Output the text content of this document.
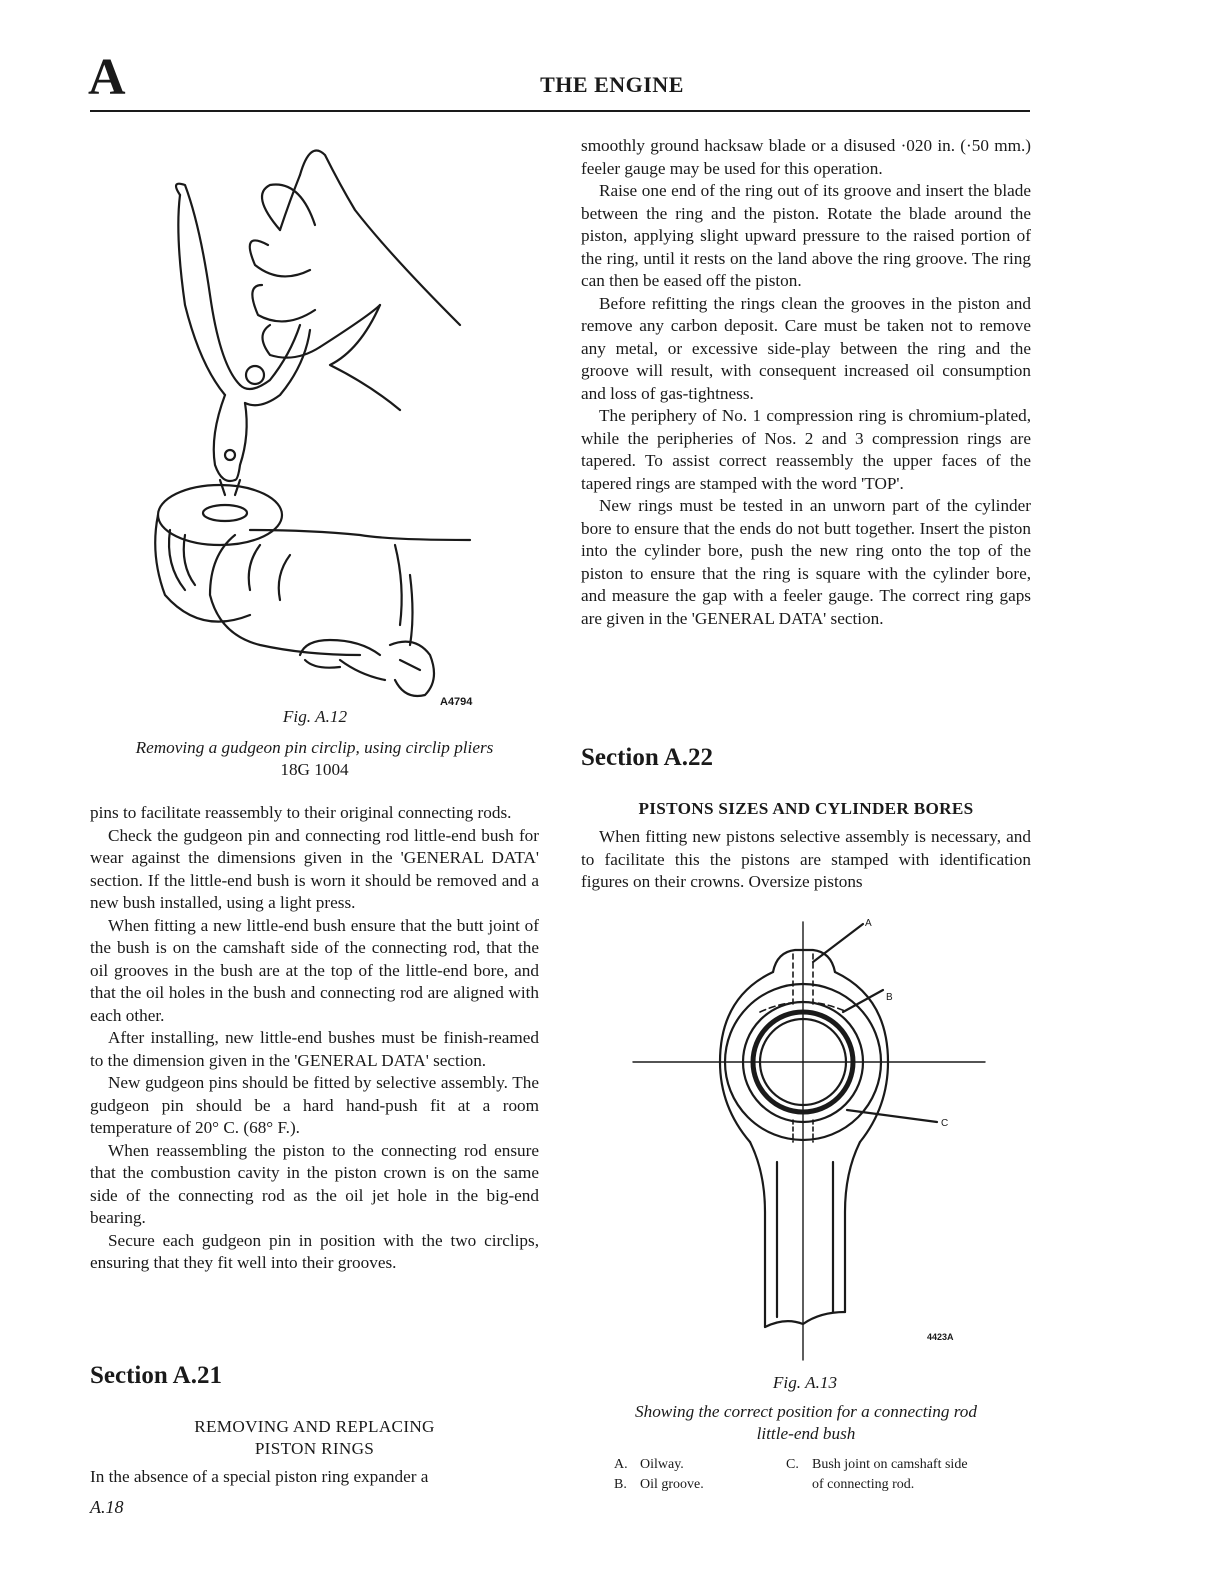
A	THE ENGINE
A4794
Fig. A.12
Removing a gudgeon pin circlip, using circlip pliers
18G 1004

pins to facilitate reassembly to their original connecting rods.

Check the gudgeon pin and connecting rod little-end bush for wear against the dimensions given in the 'GENERAL DATA' section. If the little-end bush is worn it should be removed and a new bush installed, using a light press.

When fitting a new little-end bush ensure that the butt joint of the bush is on the camshaft side of the connecting rod, that the oil grooves in the bush are at the top of the little-end bore, and that the oil holes in the bush and connecting rod are aligned with each other.

After installing, new little-end bushes must be finish-reamed to the dimension given in the 'GENERAL DATA' section.

New gudgeon pins should be fitted by selective assembly. The gudgeon pin should be a hard hand-push fit at a room temperature of 20° C. (68° F.).

When reassembling the piston to the connecting rod ensure that the combustion cavity in the piston crown is on the same side of the connecting rod as the oil jet hole in the big-end bearing.

Secure each gudgeon pin in position with the two circlips, ensuring that they fit well into their grooves.

Section A.21
REMOVING AND REPLACING
PISTON RINGS

In the absence of a special piston ring expander a

smoothly ground hacksaw blade or a disused ·020 in. (·50 mm.) feeler gauge may be used for this operation.

Raise one end of the ring out of its groove and insert the blade between the ring and the piston. Rotate the blade around the piston, applying slight upward pressure to the raised portion of the ring, until it rests on the land above the ring groove. The ring can then be eased off the piston.

Before refitting the rings clean the grooves in the piston and remove any carbon deposit. Care must be taken not to remove any metal, or excessive side-play between the ring and the groove will result, with consequent increased oil consumption and loss of gas-tightness.

The periphery of No. 1 compression ring is chromium-plated, while the peripheries of Nos. 2 and 3 compression rings are tapered. To assist correct reassembly the upper faces of the tapered rings are stamped with the word 'TOP'.

New rings must be tested in an unworn part of the cylinder bore to ensure that the ends do not butt together. Insert the piston into the cylinder bore, push the new ring onto the top of the piston to ensure that the ring is square with the cylinder bore, and measure the gap with a feeler gauge. The correct ring gaps are given in the 'GENERAL DATA' section.

Section A.22
PISTONS SIZES AND CYLINDER BORES

When fitting new pistons selective assembly is necessary, and to facilitate this the pistons are stamped with identification figures on their crowns. Oversize pistons

A
B
C
4423A
Fig. A.13
Showing the correct position for a connecting rod
little-end bush
A. Oilway.
B. Oil groove.
C. Bush joint on camshaft side
of connecting rod.
A.18
